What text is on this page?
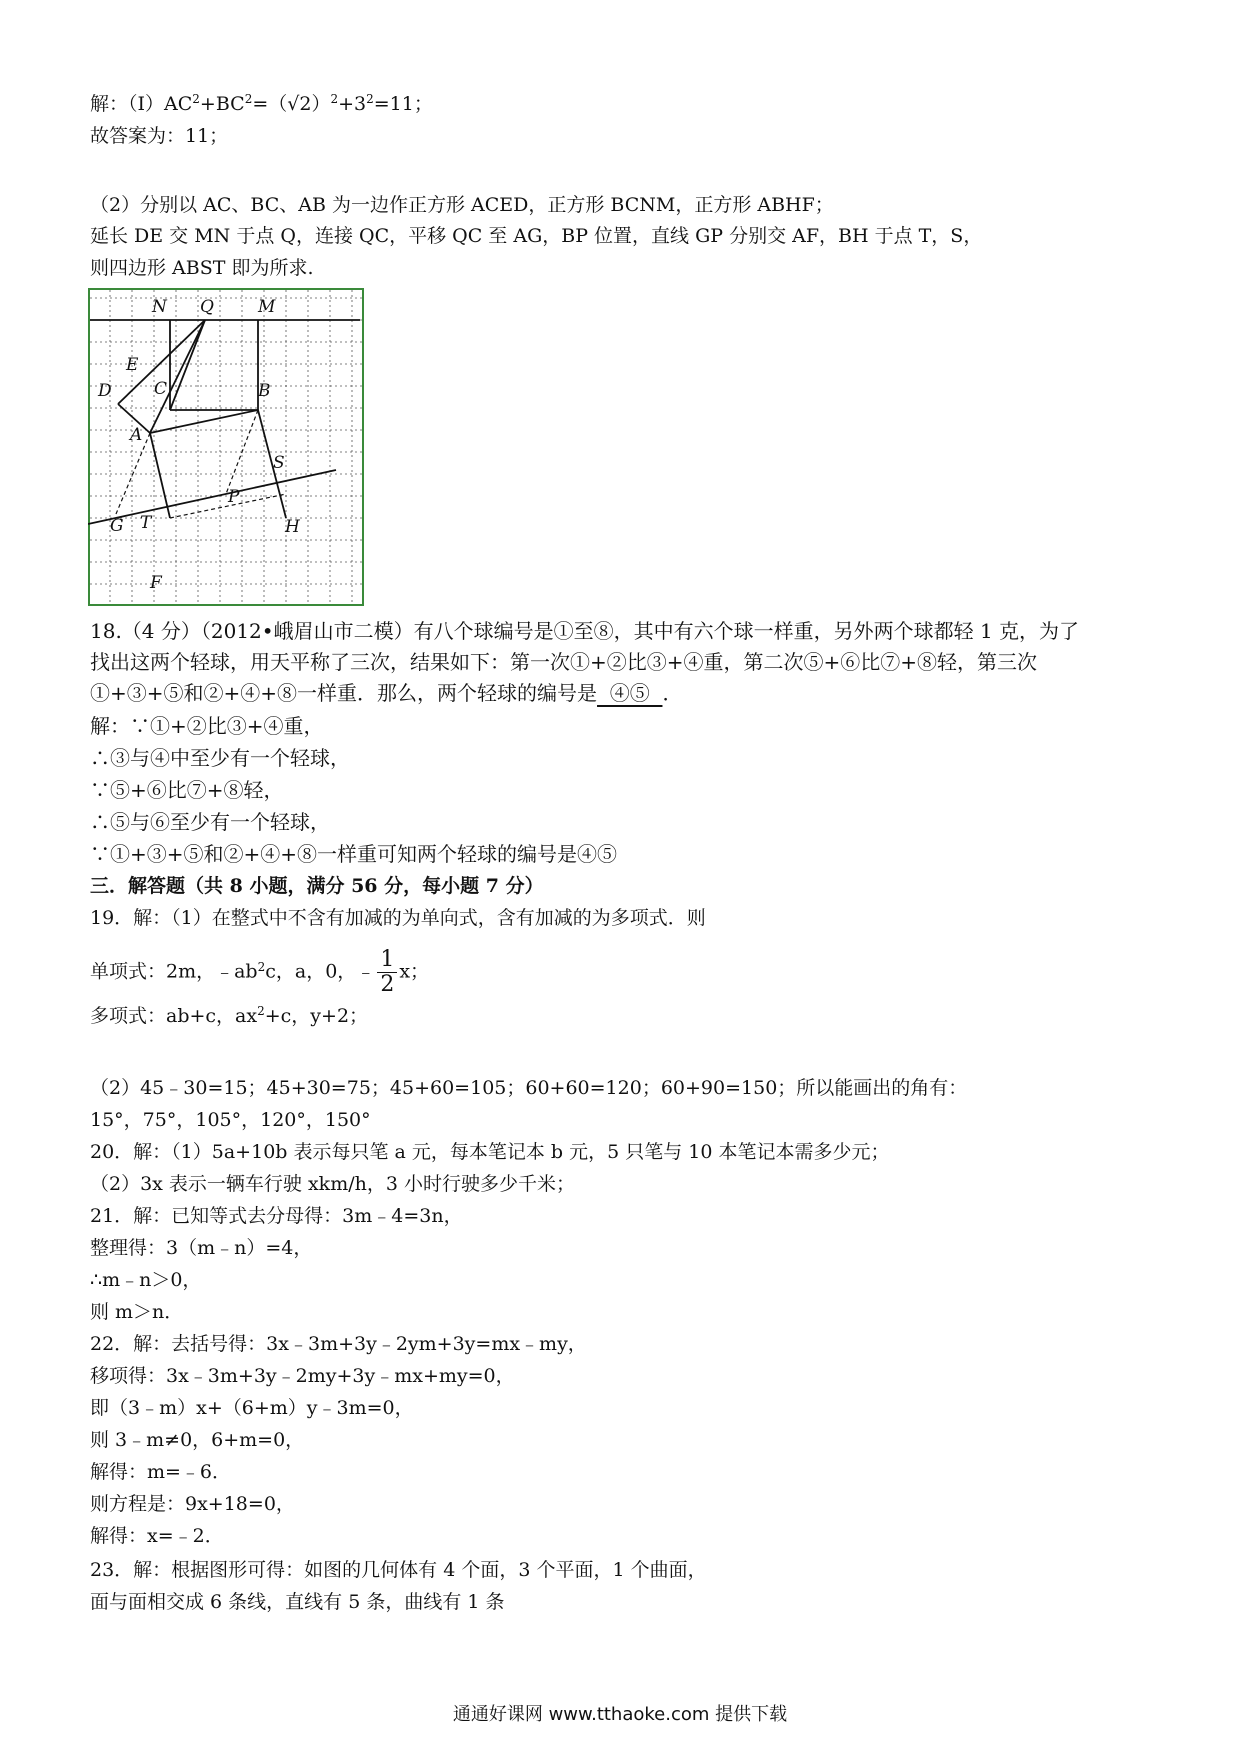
解：$(Ⅰ)AC^2+BC^2=(√2)^2+3^2=11$；
故答案为：11；
（2）分别以 AC、BC、AB 为一边作正方形 ACED，正方形 BCNM，正方形 ABHF；
延长 DE 交 MN 于点 Q，连接 QC，平移 QC 至 AG，BP 位置，直线 GP 分别交 AF，BH 于点 T，S，
则四边形 ABST 即为所求.
N Q	M
E
D C	B
A
S
P
G T	H
F
18.（4 分）（2012•峨眉山市二模）有八个球编号是①至⑧，其中有六个球一样重，另外两个球都轻 1 克，为了
找出这两个轻球，用天平称了三次，结果如下：第一次①+②比③+④重，第二次⑤+⑥比⑦+⑧轻，第三次
①+③+⑤和②+④+⑧一样重．那么，两个轻球的编号是  ④⑤  ．
解：∵①+②比③+④重，
∴③与④中至少有一个轻球，
∵⑤+⑥比⑦+⑧轻，
∴⑤与⑥至少有一个轻球，
∵①+③+⑤和②+④+⑧一样重可知两个轻球的编号是④⑤
三．解答题（共 8 小题，满分 56 分，每小题 7 分）
19．解：（1）在整式中不含有加减的为单向式，含有加减的为多项式．则
单项式：2m，$﹣ab^2c$，a，0，﹣ $\frac{1}{2}$ x；
多项式：ab+c，$ax^2+c$，y+2；
（2）45﹣30=15；45+30=75；45+60=105；60+60=120；60+90=150；所以能画出的角有：
15°，75°，105°，120°，150°
20．解：（1）5a+10b 表示每只笔 a 元，每本笔记本 b 元，5 只笔与 10 本笔记本需多少元；
（2）3x 表示一辆车行驶 xkm/h，3 小时行驶多少千米；
21．解：已知等式去分母得：3m﹣4=3n，
整理得：3（m﹣n）=4，
∴m﹣n＞0，
则 m＞n．
22．解：去括号得：3x﹣3m+3y﹣2ym+3y=mx﹣my，
移项得：3x﹣3m+3y﹣2my+3y﹣mx+my=0，
即（3﹣m）x+（6+m）y﹣3m=0，
则 3﹣m≠0，6+m=0，
解得：m=﹣6．
则方程是：9x+18=0，
解得：x=﹣2．
23．解：根据图形可得：如图的几何体有 4 个面，3 个平面，1 个曲面，
面与面相交成 6 条线，直线有 5 条，曲线有 1 条
通通好课网 www.tthaoke.com 提供下载
